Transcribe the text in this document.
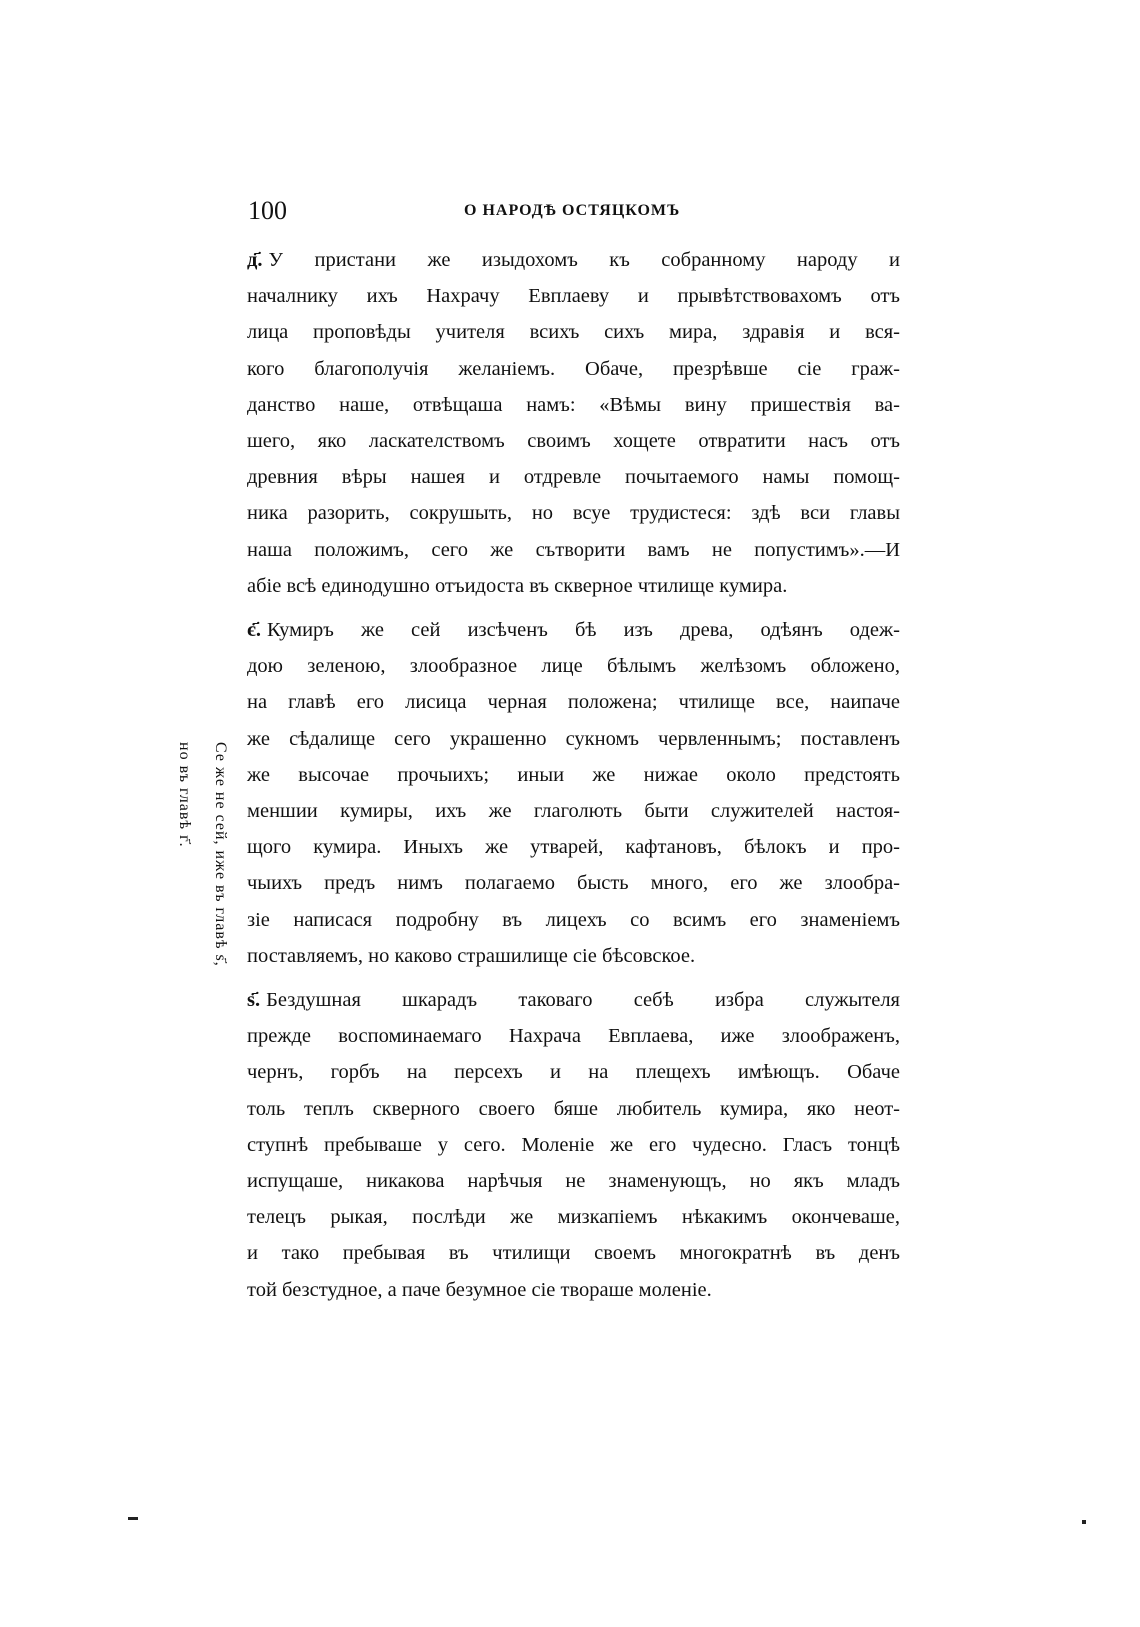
100	О НАРОДѢ ОСТЯЦКОМЪ
д҃. У пристани же изыдохомъ къ собранному народу и
началнику ихъ Нахрачу Евплаеву и прывѣтствовахомъ отъ
лица проповѣды учителя всихъ сихъ мира, здравія и вся-
кого благополучія желаніемъ. Обаче, презрѣвше сіе граж-
данство наше, отвѣщаша намъ: «Вѣмы вину пришествія ва-
шего, яко ласкателствомъ своимъ хощете отвратити насъ отъ
древния вѣры нашея и отдревле почытаемого намы помощ-
ника разорить, сокрушыть, но всуе трудистеся: здѣ вси главы
наша положимъ, сего же сътворити вамъ не попустимъ».—И
абіе всѣ единодушно отъидоста въ скверное чтилище кумира.
є҃. Кумиръ же сей изсѣченъ бѣ изъ древа, одѣянъ одеж-
дою зеленою, злообразное лице бѣлымъ желѣзомъ обложено,
на главѣ его лисица черная положена; чтилище все, наипаче
же сѣдалище сего украшенно сукномъ червленнымъ; поставленъ
же высочае прочыихъ; иныи же нижае около предстоять
меншии кумиры, ихъ же глаголють быти служителей настоя-
щого кумира. Иныхъ же утварей, кафтановъ, бѣлокъ и про-
чыихъ предъ нимъ полагаемо бысть много, его же злообра-
зіе написася подробну въ лицехъ со всимъ его знаменіемъ
поставляемъ, но каково страшилище сіе бѣсовское.
ѕ҃. Бездушная шкарадъ таковаго себѣ избра служытеля
прежде воспоминаемаго Нахрача Евплаева, иже злоображенъ,
чернъ, горбъ на персехъ и на плещехъ имѣющъ. Обаче
толь теплъ скверного своего бяше любитель кумира, яко неот-
ступнѣ пребываше у сего. Моленіе же его чудесно. Гласъ тонцѣ
испущаше, никакова нарѣчыя не знаменующъ, но якъ младъ
телецъ рыкая, послѣди же мизкапіемъ нѣкакимъ окончеваше,
и тако пребывая въ чтилищи своемъ многократнѣ въ денъ
той безстудное, а паче безумное сіе твораше моленіе.
Се же не сей, иже въ главѣ ѕ҃,
но въ главѣ г҃.
